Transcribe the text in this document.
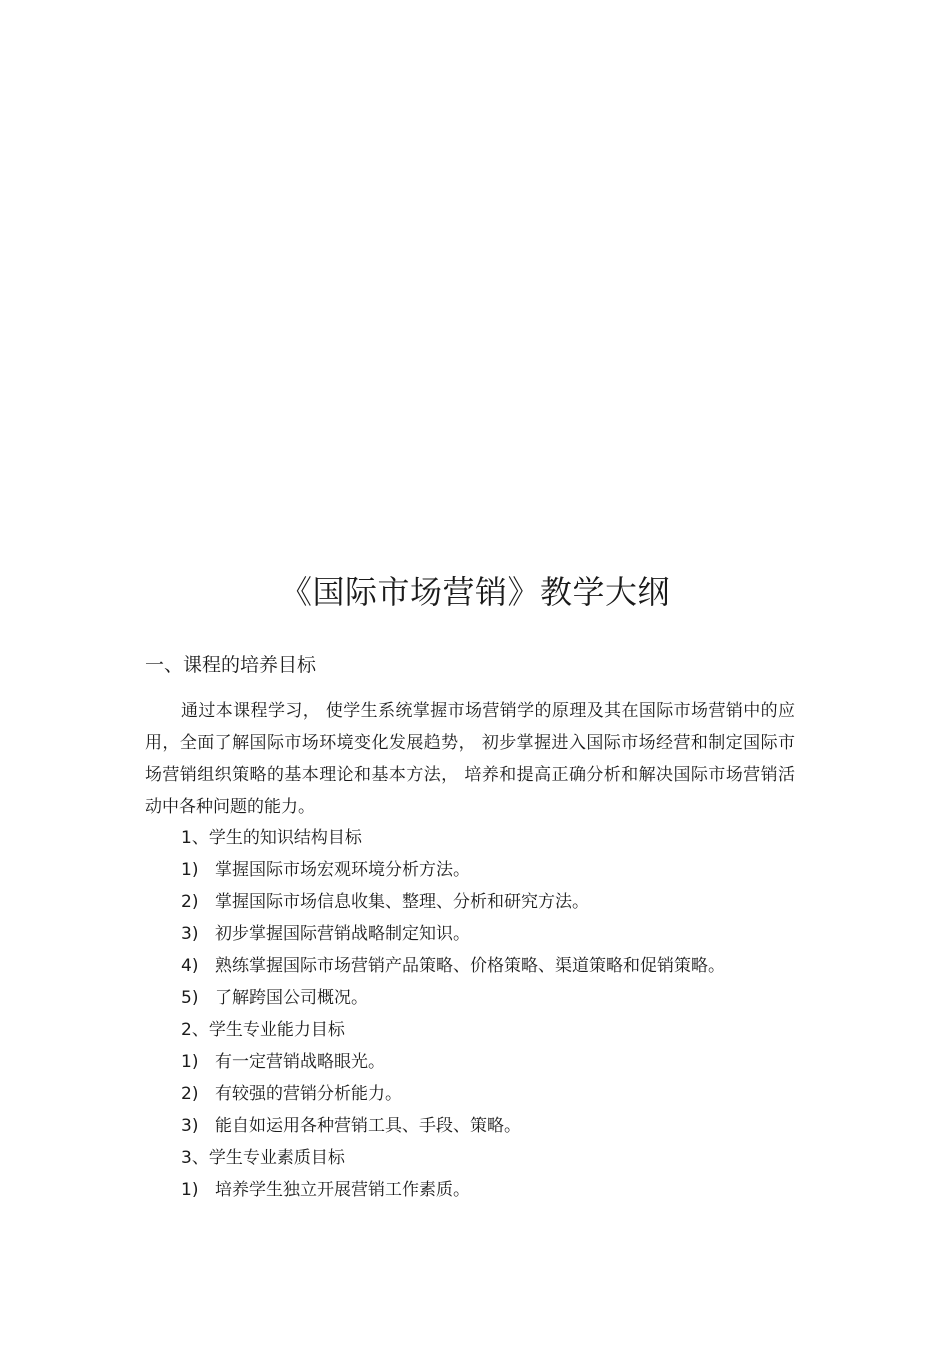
《国际市场营销》教学大纲
一、课程的培养目标

通过本课程学习， 使学生系统掌握市场营销学的原理及其在国际市场营销中的应用，全面了解国际市场环境变化发展趋势， 初步掌握进入国际市场经营和制定国际市场营销组织策略的基本理论和基本方法， 培养和提高正确分析和解决国际市场营销活动中各种问题的能力。

1、学生的知识结构目标
1) 掌握国际市场宏观环境分析方法。
2) 掌握国际市场信息收集、整理、分析和研究方法。
3) 初步掌握国际营销战略制定知识。
4) 熟练掌握国际市场营销产品策略、价格策略、渠道策略和促销策略。
5) 了解跨国公司概况。
2、学生专业能力目标
1) 有一定营销战略眼光。
2) 有较强的营销分析能力。
3) 能自如运用各种营销工具、手段、策略。
3、学生专业素质目标
1) 培养学生独立开展营销工作素质。
